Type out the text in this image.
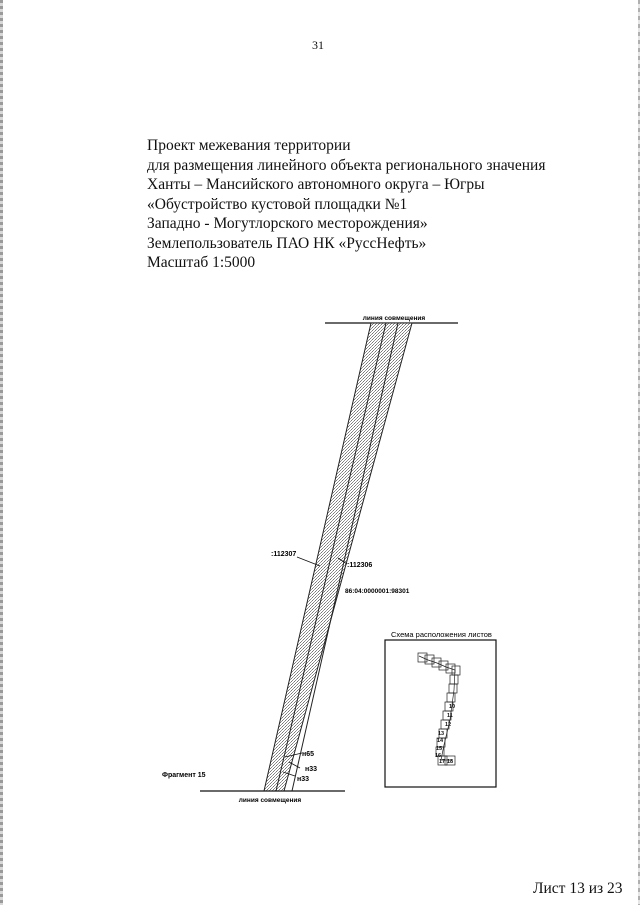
31
Проект межевания территории
для размещения линейного объекта регионального значения
Ханты – Мансийского автономного округа – Югры
«Обустройство кустовой площадки №1
Западно - Могутлорского месторождения»
Землепользователь ПАО НК «РуссНефть»
Масштаб 1:5000
линия совмещения
:112307
:112306
86:04:0000001:98301
н65
н33
н33
Фрагмент 15
линия совмещения
Схема расположения листов
10
11
12
13
14
15
16
17 18
Лист 13 из 23
